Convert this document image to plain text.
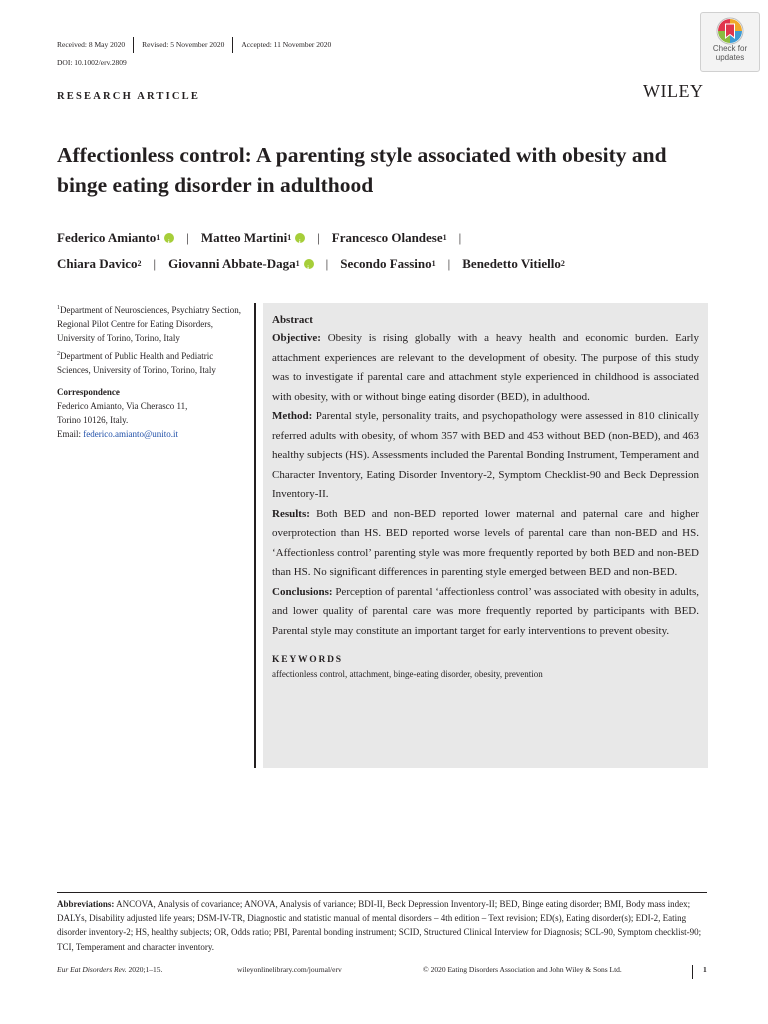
Received: 8 May 2020	Revised: 5 November 2020	Accepted: 11 November 2020
DOI: 10.1002/erv.2809
Check for
updates
RESEARCH ARTICLE	WILEY
Affectionless control: A parenting style associated with obesity and binge eating disorder in adulthood
Federico Amianto 1 i | Matteo Martini 1 i | Francesco Olandese 1 |
Chiara Davico 2 | Giovanni Abbate-Daga 1 i | Secondo Fassino 1 | Benedetto Vitiello 2

$^1$Department of Neurosciences, Psychiatry Section, Regional Pilot Centre for Eating Disorders, University of Torino, Torino, Italy

$^2$Department of Public Health and Pediatric Sciences, University of Torino, Torino, Italy

Correspondence

Federico Amianto, Via Cherasco 11,
Torino 10126, Italy.
Email: federico.amianto@unito.it
Abstract
Objective: Obesity is rising globally with a heavy health and economic burden. Early attachment experiences are relevant to the development of obesity. The purpose of this study was to investigate if parental care and attachment style experienced in childhood is associated with obesity, with or without binge eating disorder (BED), in adulthood.
Method: Parental style, personality traits, and psychopathology were assessed in 810 clinically referred adults with obesity, of whom 357 with BED and 453 without BED (non-BED), and 463 healthy subjects (HS). Assessments included the Parental Bonding Instrument, Temperament and Character Inventory, Eating Disorder Inventory-2, Symptom Checklist-90 and Beck Depression Inventory-II.
Results: Both BED and non-BED reported lower maternal and paternal care and higher overprotection than HS. BED reported worse levels of parental care than non-BED and HS. ‘Affectionless control’ parenting style was more frequently reported by both BED and non-BED than HS. No significant differences in parenting style emerged between BED and non-BED.
Conclusions: Perception of parental ‘affectionless control’ was associated with obesity in adults, and lower quality of parental care was more frequently reported by participants with BED. Parental style may constitute an important target for early interventions to prevent obesity.
KEYWORDS
affectionless control, attachment, binge-eating disorder, obesity, prevention
Abbreviations: ANCOVA, Analysis of covariance; ANOVA, Analysis of variance; BDI-II, Beck Depression Inventory-II; BED, Binge eating disorder; BMI, Body mass index; DALYs, Disability adjusted life years; DSM-IV-TR, Diagnostic and statistic manual of mental disorders – 4th edition – Text revision; ED(s), Eating disorder(s); EDI-2, Eating disorder inventory-2; HS, healthy subjects; OR, Odds ratio; PBI, Parental bonding instrument; SCID, Structured Clinical Interview for Diagnosis; SCL-90, Symptom checklist-90; TCI, Temperament and character inventory.
Eur Eat Disorders Rev. 2020;1–15.	wileyonlinelibrary.com/journal/erv	© 2020 Eating Disorders Association and John Wiley & Sons Ltd.	1
